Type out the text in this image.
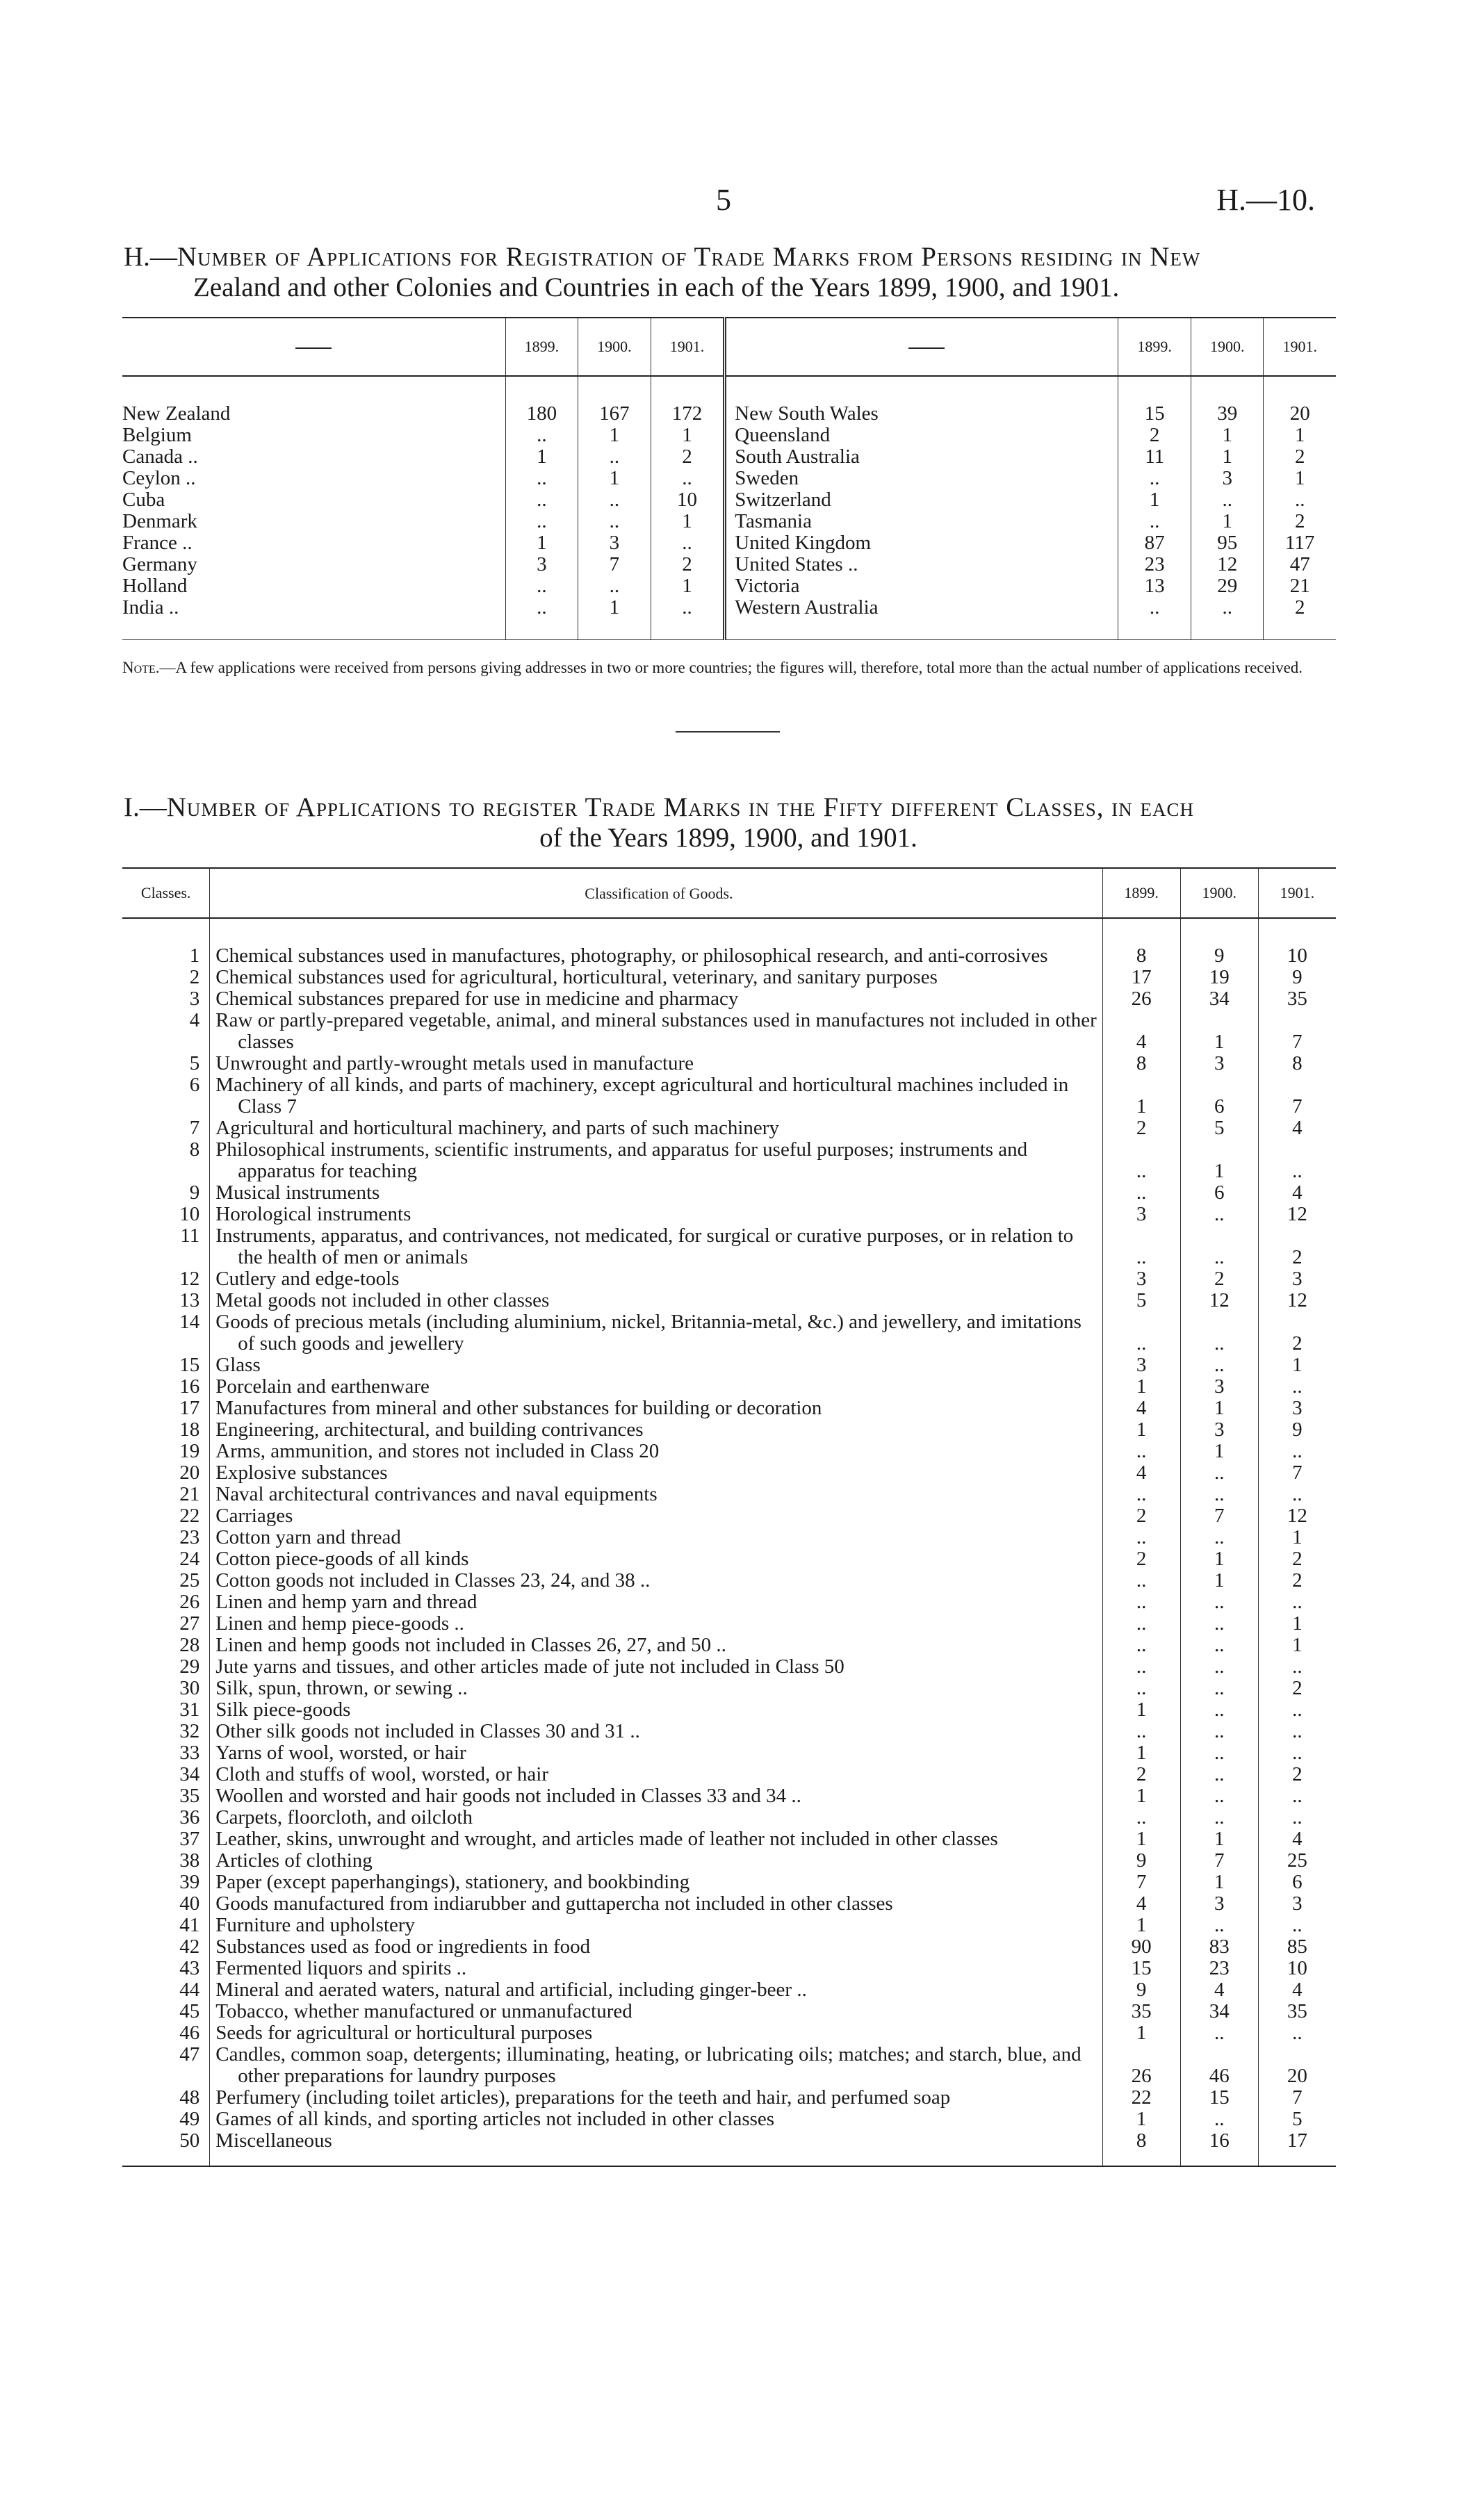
5	H.—10.
H.—Number of Applications for Registration of Trade Marks from Persons residing in New
Zealand and other Colonies and Countries in each of the Years 1899, 1900, and 1901.
	1899.	1900.	1901.		1899.	1900.	1901.
New Zealand	180	167	172	New South Wales	15	39	20
Belgium	..	1	1	Queensland	2	1	1
Canada ..	1	..	2	South Australia	11	1	2
Ceylon ..	..	1	..	Sweden	..	3	1
Cuba	..	..	10	Switzerland	1	..	..
Denmark	..	..	1	Tasmania	..	1	2
France ..	1	3	..	United Kingdom	87	95	117
Germany	3	7	2	United States ..	23	12	47
Holland	..	..	1	Victoria	13	29	21
India ..	..	1	..	Western Australia	..	..	2
Note.—A few applications were received from persons giving addresses in two or more countries; the figures will, therefore, total more than the actual number of applications received.
I.—Number of Applications to register Trade Marks in the Fifty different Classes, in each
of the Years 1899, 1900, and 1901.
Classes.	Classification of Goods.	1899.	1900.	1901.
1	Chemical substances used in manufactures, photography, or philosophical research, and anti-corrosives	8	9	10
2	Chemical substances used for agricultural, horticultural, veterinary, and sanitary purposes	17	19	9
3	Chemical substances prepared for use in medicine and pharmacy	26	34	35
4	Raw or partly-prepared vegetable, animal, and mineral substances used in manufactures not included in other classes	4	1	7
5	Unwrought and partly-wrought metals used in manufacture	8	3	8
6	Machinery of all kinds, and parts of machinery, except agricultural and horticultural machines included in Class 7	1	6	7
7	Agricultural and horticultural machinery, and parts of such machinery	2	5	4
8	Philosophical instruments, scientific instruments, and apparatus for useful purposes; instruments and apparatus for teaching	..	1	..
9	Musical instruments	..	6	4
10	Horological instruments	3	..	12
11	Instruments, apparatus, and contrivances, not medicated, for surgical or curative purposes, or in relation to the health of men or animals	..	..	2
12	Cutlery and edge-tools	3	2	3
13	Metal goods not included in other classes	5	12	12
14	Goods of precious metals (including aluminium, nickel, Britannia-metal, &c.) and jewellery, and imitations of such goods and jewellery	..	..	2
15	Glass	3	..	1
16	Porcelain and earthenware	1	3	..
17	Manufactures from mineral and other substances for building or decoration	4	1	3
18	Engineering, architectural, and building contrivances	1	3	9
19	Arms, ammunition, and stores not included in Class 20	..	1	..
20	Explosive substances	4	..	7
21	Naval architectural contrivances and naval equipments	..	..	..
22	Carriages	2	7	12
23	Cotton yarn and thread	..	..	1
24	Cotton piece-goods of all kinds	2	1	2
25	Cotton goods not included in Classes 23, 24, and 38 ..	..	1	2
26	Linen and hemp yarn and thread	..	..	..
27	Linen and hemp piece-goods ..	..	..	1
28	Linen and hemp goods not included in Classes 26, 27, and 50 ..	..	..	1
29	Jute yarns and tissues, and other articles made of jute not included in Class 50	..	..	..
30	Silk, spun, thrown, or sewing ..	..	..	2
31	Silk piece-goods	1	..	..
32	Other silk goods not included in Classes 30 and 31 ..	..	..	..
33	Yarns of wool, worsted, or hair	1	..	..
34	Cloth and stuffs of wool, worsted, or hair	2	..	2
35	Woollen and worsted and hair goods not included in Classes 33 and 34 ..	1	..	..
36	Carpets, floorcloth, and oilcloth	..	..	..
37	Leather, skins, unwrought and wrought, and articles made of leather not included in other classes	1	1	4
38	Articles of clothing	9	7	25
39	Paper (except paperhangings), stationery, and bookbinding	7	1	6
40	Goods manufactured from indiarubber and guttapercha not included in other classes	4	3	3
41	Furniture and upholstery	1	..	..
42	Substances used as food or ingredients in food	90	83	85
43	Fermented liquors and spirits ..	15	23	10
44	Mineral and aerated waters, natural and artificial, including ginger-beer ..	9	4	4
45	Tobacco, whether manufactured or unmanufactured	35	34	35
46	Seeds for agricultural or horticultural purposes	1	..	..
47	Candles, common soap, detergents; illuminating, heating, or lubricating oils; matches; and starch, blue, and other preparations for laundry purposes	26	46	20
48	Perfumery (including toilet articles), preparations for the teeth and hair, and perfumed soap	22	15	7
49	Games of all kinds, and sporting articles not included in other classes	1	..	5
50	Miscellaneous	8	16	17
